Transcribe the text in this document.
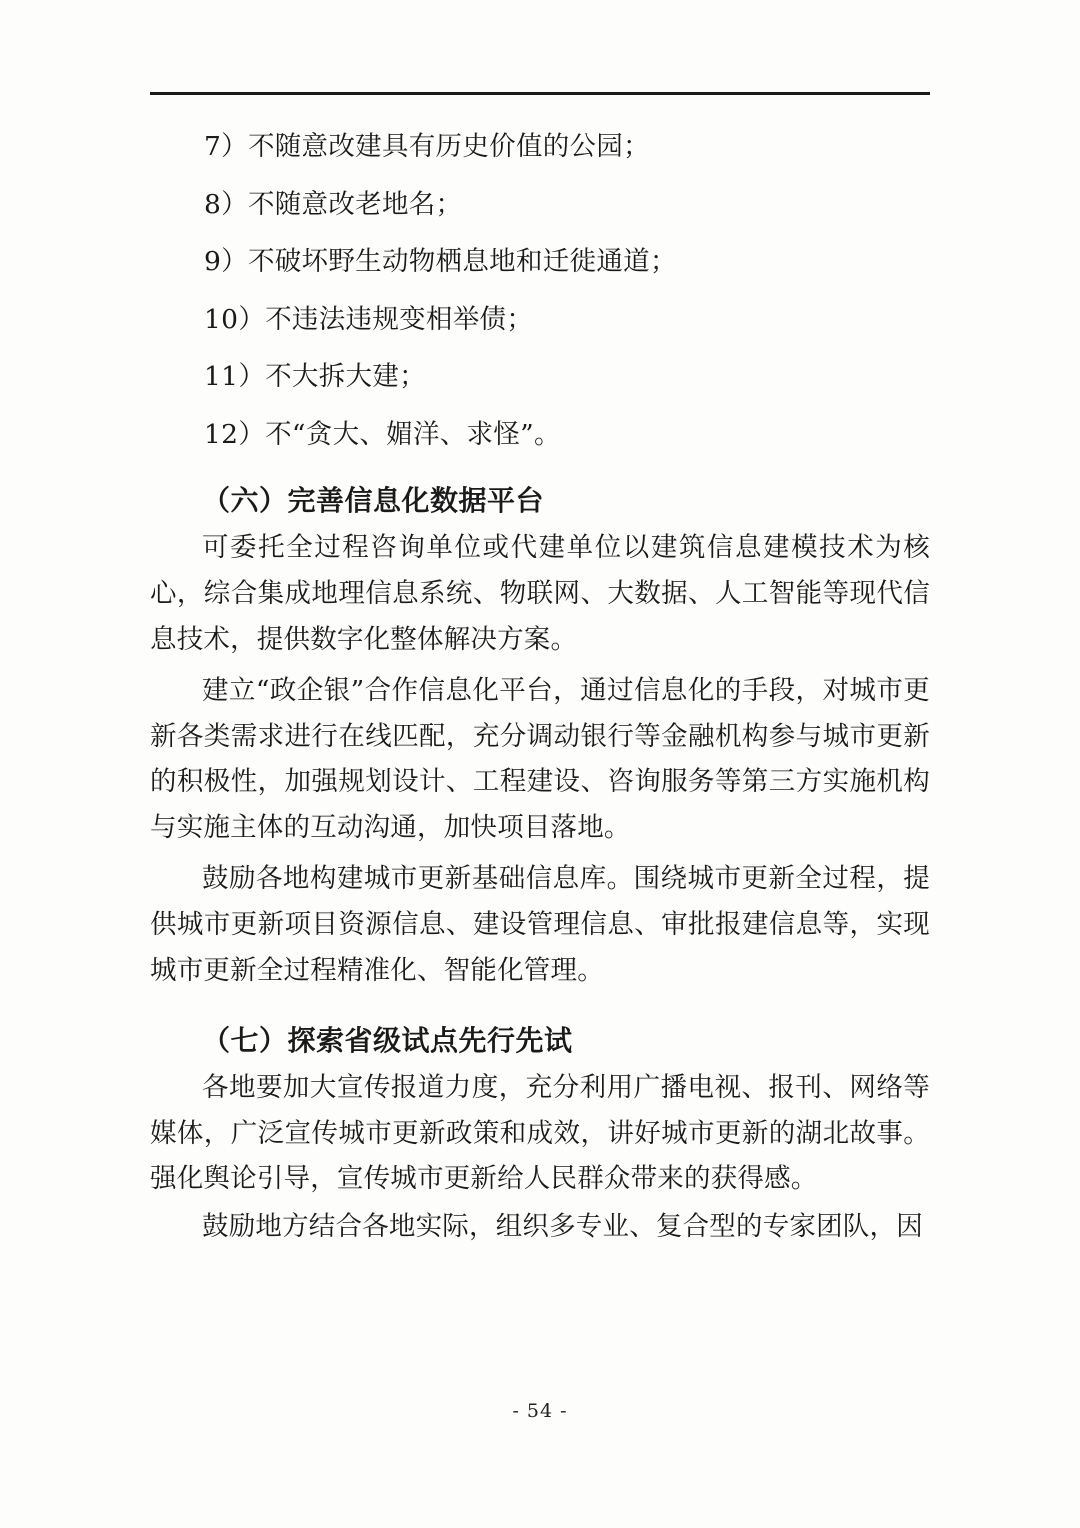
7）不随意改建具有历史价值的公园；

8）不随意改老地名；

9）不破坏野生动物栖息地和迁徙通道；

10）不违法违规变相举债；

11）不大拆大建；

12）不“贪大、媚洋、求怪”。

（六）完善信息化数据平台

可委托全过程咨询单位或代建单位以建筑信息建模技术为核心，综合集成地理信息系统、物联网、大数据、人工智能等现代信息技术，提供数字化整体解决方案。

建立“政企银”合作信息化平台，通过信息化的手段，对城市更新各类需求进行在线匹配，充分调动银行等金融机构参与城市更新的积极性，加强规划设计、工程建设、咨询服务等第三方实施机构与实施主体的互动沟通，加快项目落地。

鼓励各地构建城市更新基础信息库。围绕城市更新全过程，提供城市更新项目资源信息、建设管理信息、审批报建信息等，实现城市更新全过程精准化、智能化管理。

（七）探索省级试点先行先试

各地要加大宣传报道力度，充分利用广播电视、报刊、网络等媒体，广泛宣传城市更新政策和成效，讲好城市更新的湖北故事。强化舆论引导，宣传城市更新给人民群众带来的获得感。

鼓励地方结合各地实际，组织多专业、复合型的专家团队，因

- 54 -
